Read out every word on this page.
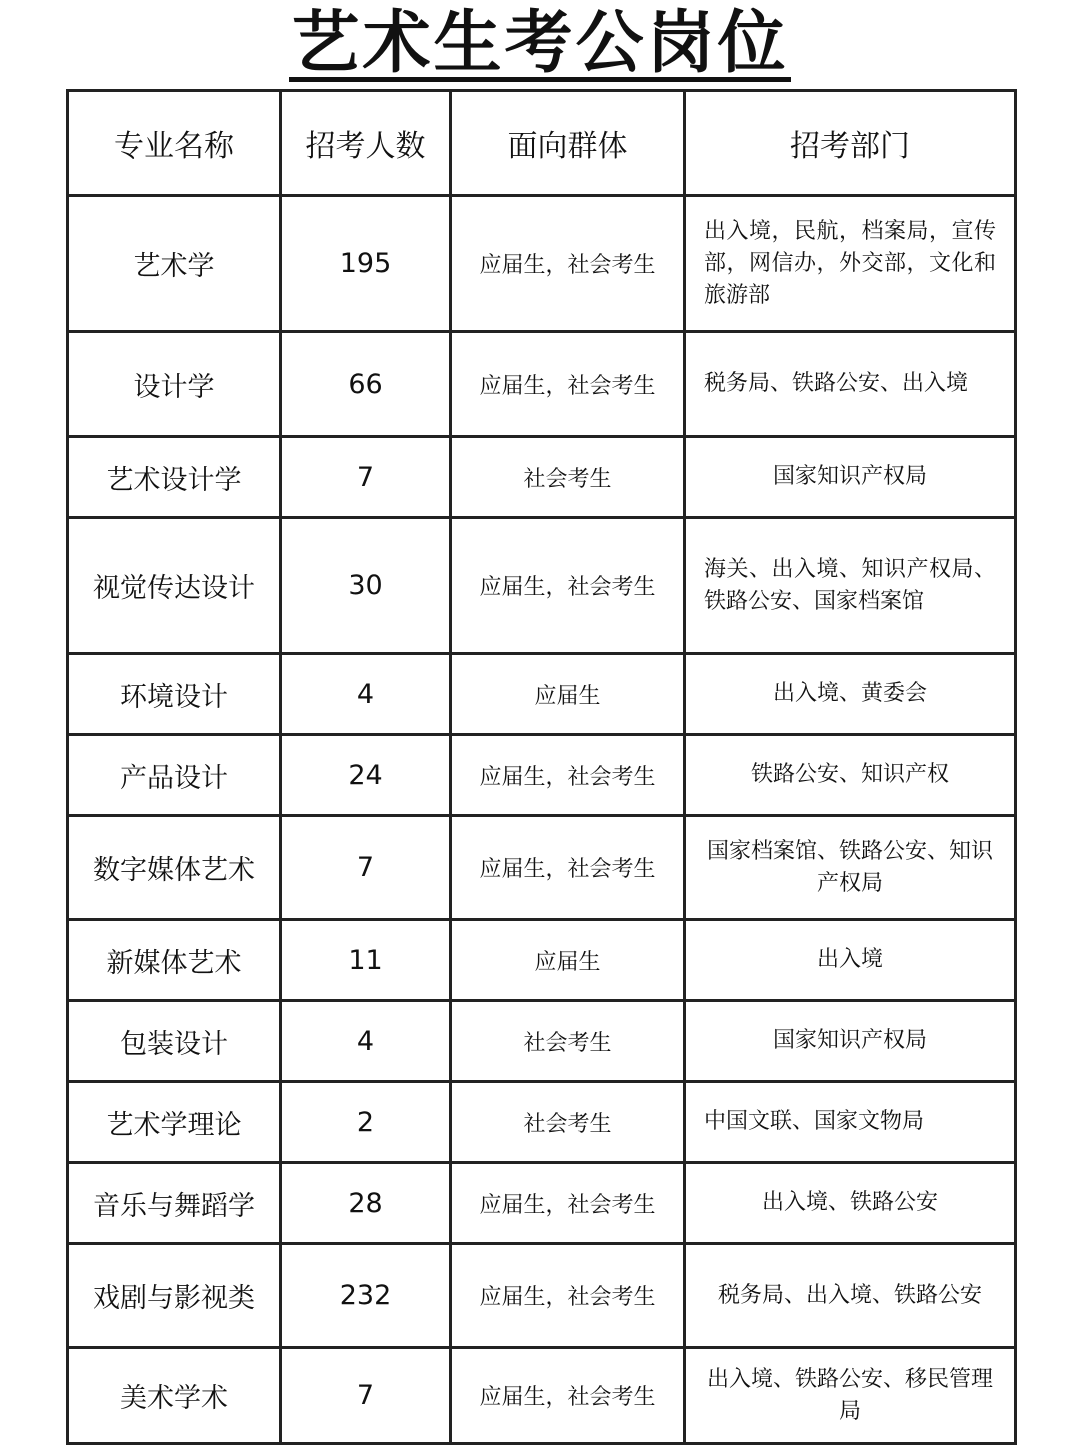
艺术生考公岗位
专业名称	招考人数	面向群体	招考部门
艺术学	195	应届生，社会考生	出入境，民航，档案局，宣传部，网信办，外交部，文化和旅游部
设计学	66	应届生，社会考生	税务局、铁路公安、出入境
艺术设计学	7	社会考生	国家知识产权局
视觉传达设计	30	应届生，社会考生	海关、出入境、知识产权局、铁路公安、国家档案馆
环境设计	4	应届生	出入境、黄委会
产品设计	24	应届生，社会考生	铁路公安、知识产权
数字媒体艺术	7	应届生，社会考生	国家档案馆、铁路公安、知识产权局
新媒体艺术	11	应届生	出入境
包装设计	4	社会考生	国家知识产权局
艺术学理论	2	社会考生	中国文联、国家文物局
音乐与舞蹈学	28	应届生，社会考生	出入境、铁路公安
戏剧与影视类	232	应届生，社会考生	税务局、出入境、铁路公安
美术学术	7	应届生，社会考生	出入境、铁路公安、移民管理局
